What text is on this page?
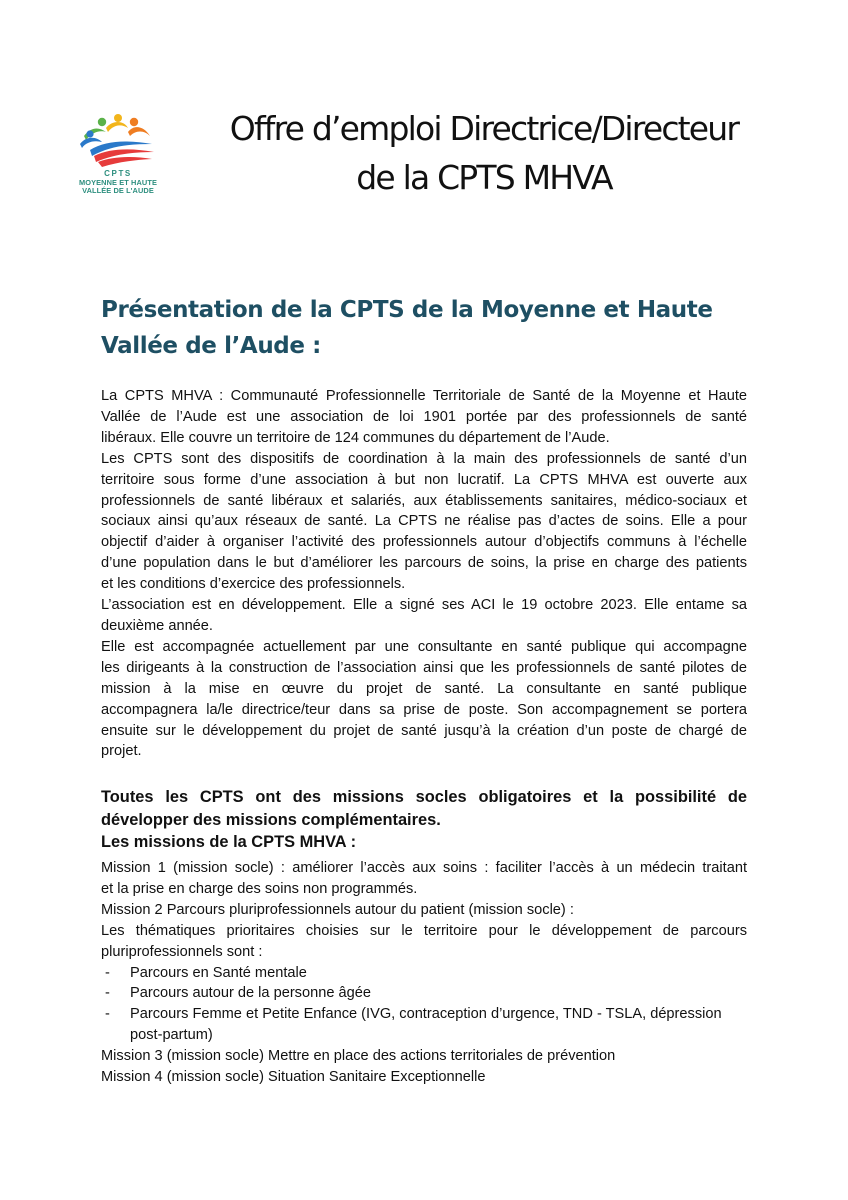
CPTS
MOYENNE ET HAUTE
VALLÉE DE L'AUDE
Offre d’emploi Directrice/Directeur
de la CPTS MHVA
Présentation de la CPTS de la Moyenne et Haute
Vallée de l’Aude :
La CPTS MHVA : Communauté Professionnelle Territoriale de Santé de la Moyenne et Haute
Vallée de l’Aude est une association de loi 1901 portée par des professionnels de santé
libéraux. Elle couvre un territoire de 124 communes du département de l’Aude.
Les CPTS sont des dispositifs de coordination à la main des professionnels de santé d’un
territoire sous forme d’une association à but non lucratif. La CPTS MHVA est ouverte aux
professionnels de santé libéraux et salariés, aux établissements sanitaires, médico-sociaux et
sociaux ainsi qu’aux réseaux de santé. La CPTS ne réalise pas d’actes de soins. Elle a pour
objectif d’aider à organiser l’activité des professionnels autour d’objectifs communs à l’échelle
d’une population dans le but d’améliorer les parcours de soins, la prise en charge des patients
et les conditions d’exercice des professionnels.
L’association est en développement. Elle a signé ses ACI le 19 octobre 2023. Elle entame sa
deuxième année.
Elle est accompagnée actuellement par une consultante en santé publique qui accompagne
les dirigeants à la construction de l’association ainsi que les professionnels de santé pilotes de
mission à la mise en œuvre du projet de santé. La consultante en santé publique
accompagnera la/le directrice/teur dans sa prise de poste. Son accompagnement se portera
ensuite sur le développement du projet de santé jusqu’à la création d’un poste de chargé de
projet.
Toutes les CPTS ont des missions socles obligatoires et la possibilité de
développer des missions complémentaires.
Les missions de la CPTS MHVA :
Mission 1 (mission socle) : améliorer l’accès aux soins : faciliter l’accès à un médecin traitant
et la prise en charge des soins non programmés.
Mission 2 Parcours pluriprofessionnels autour du patient (mission socle) :
Les thématiques prioritaires choisies sur le territoire pour le développement de parcours
pluriprofessionnels sont :
-	Parcours en Santé mentale
-	Parcours autour de la personne âgée
-	Parcours Femme et Petite Enfance (IVG, contraception d’urgence, TND - TSLA, dépression post-partum)
Mission 3 (mission socle) Mettre en place des actions territoriales de prévention
Mission 4 (mission socle) Situation Sanitaire Exceptionnelle
